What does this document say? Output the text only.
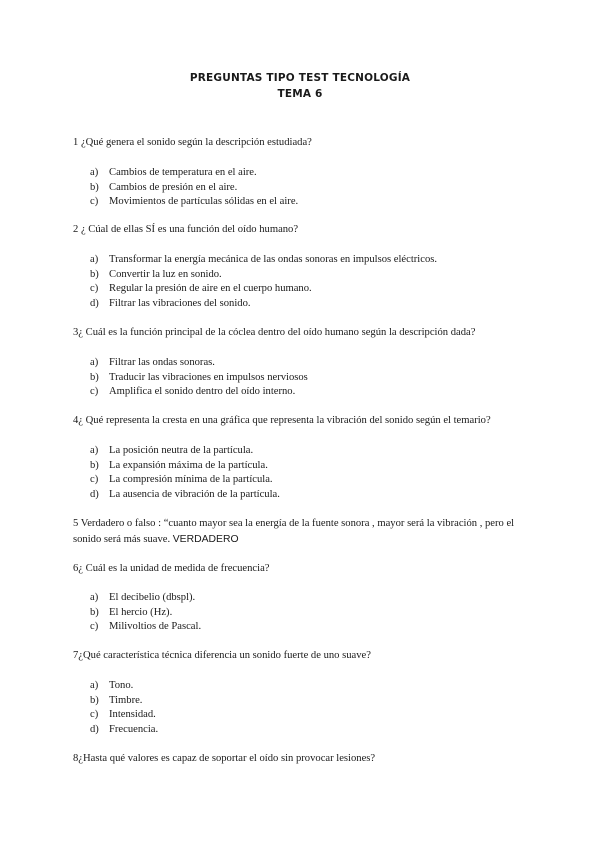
PREGUNTAS TIPO TEST TECNOLOGÍA
TEMA 6
1 ¿Qué genera el sonido según la descripción estudiada?
a) Cambios de temperatura en el aire.
b) Cambios de presión en el aire.
c) Movimientos de partículas sólidas en el aire.
2 ¿ Cúal de ellas SÍ es una función del oído humano?
a) Transformar la energía mecánica de las ondas sonoras en impulsos eléctricos.
b) Convertir la luz en sonido.
c) Regular la presión de aire en el cuerpo humano.
d) Filtrar las vibraciones del sonido.
3¿ Cuál es la función principal de la cóclea dentro del oído humano según la descripción dada?
a) Filtrar las ondas sonoras.
b) Traducir las vibraciones en impulsos nerviosos
c) Amplifica el sonido dentro del oído interno.
4¿ Qué representa la cresta en una gráfica que representa la vibración del sonido según el temario?
a) La posición neutra de la partícula.
b) La expansión máxima de la partícula.
c) La compresión mínima de la partícula.
d) La ausencia de vibración de la partícula.
5 Verdadero o falso : “cuanto mayor sea la energía de la fuente sonora , mayor será la vibración , pero el sonido será más suave. VERDADERO
6¿ Cuál es la unidad de medida de frecuencia?
a) El decibelio (dbspl).
b) El hercio (Hz).
c) Milivoltios de Pascal.
7¿Qué característica técnica diferencia un sonido fuerte de uno suave?
a) Tono.
b) Timbre.
c) Intensidad.
d) Frecuencia.
8¿Hasta qué valores es capaz de soportar el oído sin provocar lesiones?
